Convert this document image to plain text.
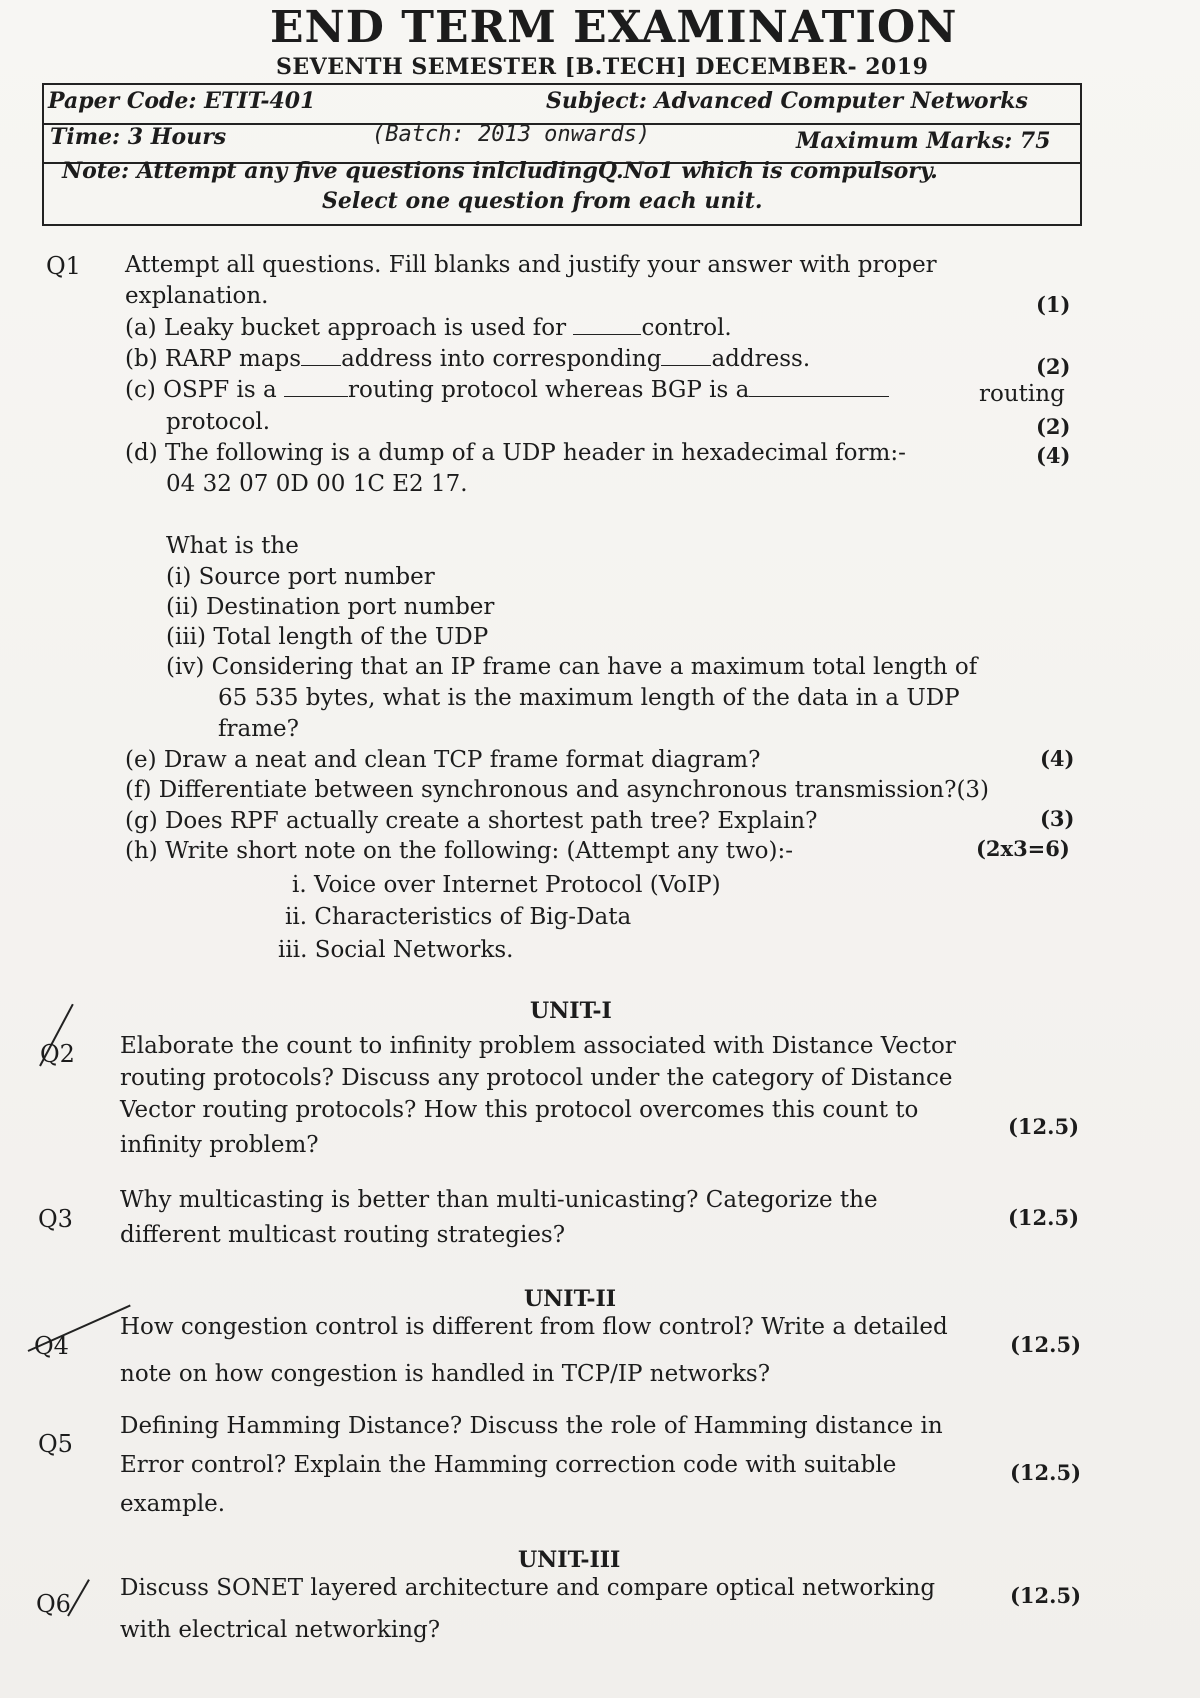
END TERM EXAMINATION
SEVENTH SEMESTER [B.TECH] DECEMBER- 2019
Paper Code: ETIT-401	Subject: Advanced Computer Networks
Time: 3 Hours	(Batch: 2013 onwards)	Maximum Marks: 75
Note: Attempt any five questions inlcludingQ.No1 which is compulsory.
Select one question from each unit.
Q1 Attempt all questions. Fill blanks and justify your answer with proper
explanation.	(1)
(a) Leaky bucket approach is used for	control.
(b) RARP maps address into corresponding address.	(2)
(c) OSPF is a	routing protocol whereas BGP is a	routing
protocol.	(2)
(d) The following is a dump of a UDP header in hexadecimal form:-	(4)
04 32 07 0D 00 1C E2 17.
What is the
(i) Source port number
(ii) Destination port number
(iii) Total length of the UDP
(iv) Considering that an IP frame can have a maximum total length of
65 535 bytes, what is the maximum length of the data in a UDP
frame?
(e) Draw a neat and clean TCP frame format diagram?	(4)
(f) Differentiate between synchronous and asynchronous transmission?(3)
(g) Does RPF actually create a shortest path tree? Explain?	(3)
(h) Write short note on the following: (Attempt any two):-	(2x3=6)
i. Voice over Internet Protocol (VoIP)
ii. Characteristics of Big-Data
iii. Social Networks.
UNIT-I
Q2 Elaborate the count to infinity problem associated with Distance Vector
routing protocols? Discuss any protocol under the category of Distance
Vector routing protocols? How this protocol overcomes this count to
infinity problem?
(12.5)
Q3
Why multicasting is better than multi-unicasting? Categorize the
different multicast routing strategies?
(12.5)
UNIT-II
Q4
How congestion control is different from flow control? Write a detailed
note on how congestion is handled in TCP/IP networks?
(12.5)
Q5
Defining Hamming Distance? Discuss the role of Hamming distance in
Error control? Explain the Hamming correction code with suitable
example.
(12.5)
UNIT-III
Q6
Discuss SONET layered architecture and compare optical networking
with electrical networking?
(12.5)
